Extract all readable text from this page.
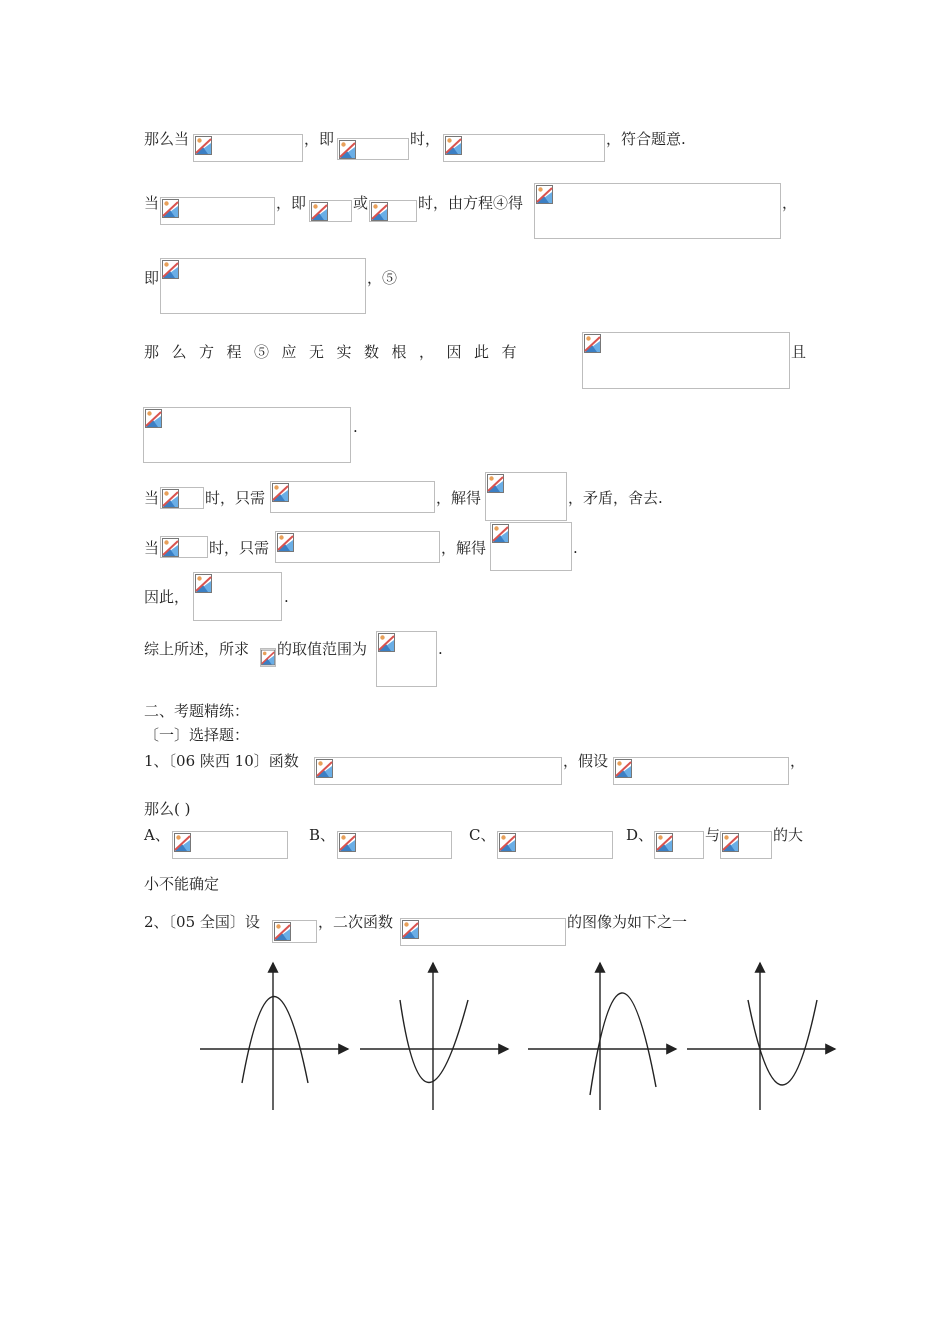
那么当	，即	时，	，符合题意.
当	，即	或	时，由方程④得	，
即	，⑤
那么方程⑤应无实数根，因此有	且
.
当	时，只需	，解得	，矛盾，舍去.
当	时，只需	，解得	.
因此，	.
综上所述，所求 的取值范围为	.
二、考题精练：
〔一〕选择题：
1、〔06 陕西 10〕函数	，假设	，
那么( )
A、	B、	C、	D、	与	的大
小不能确定
2、〔05 全国〕设	，二次函数	的图像为如下之一
